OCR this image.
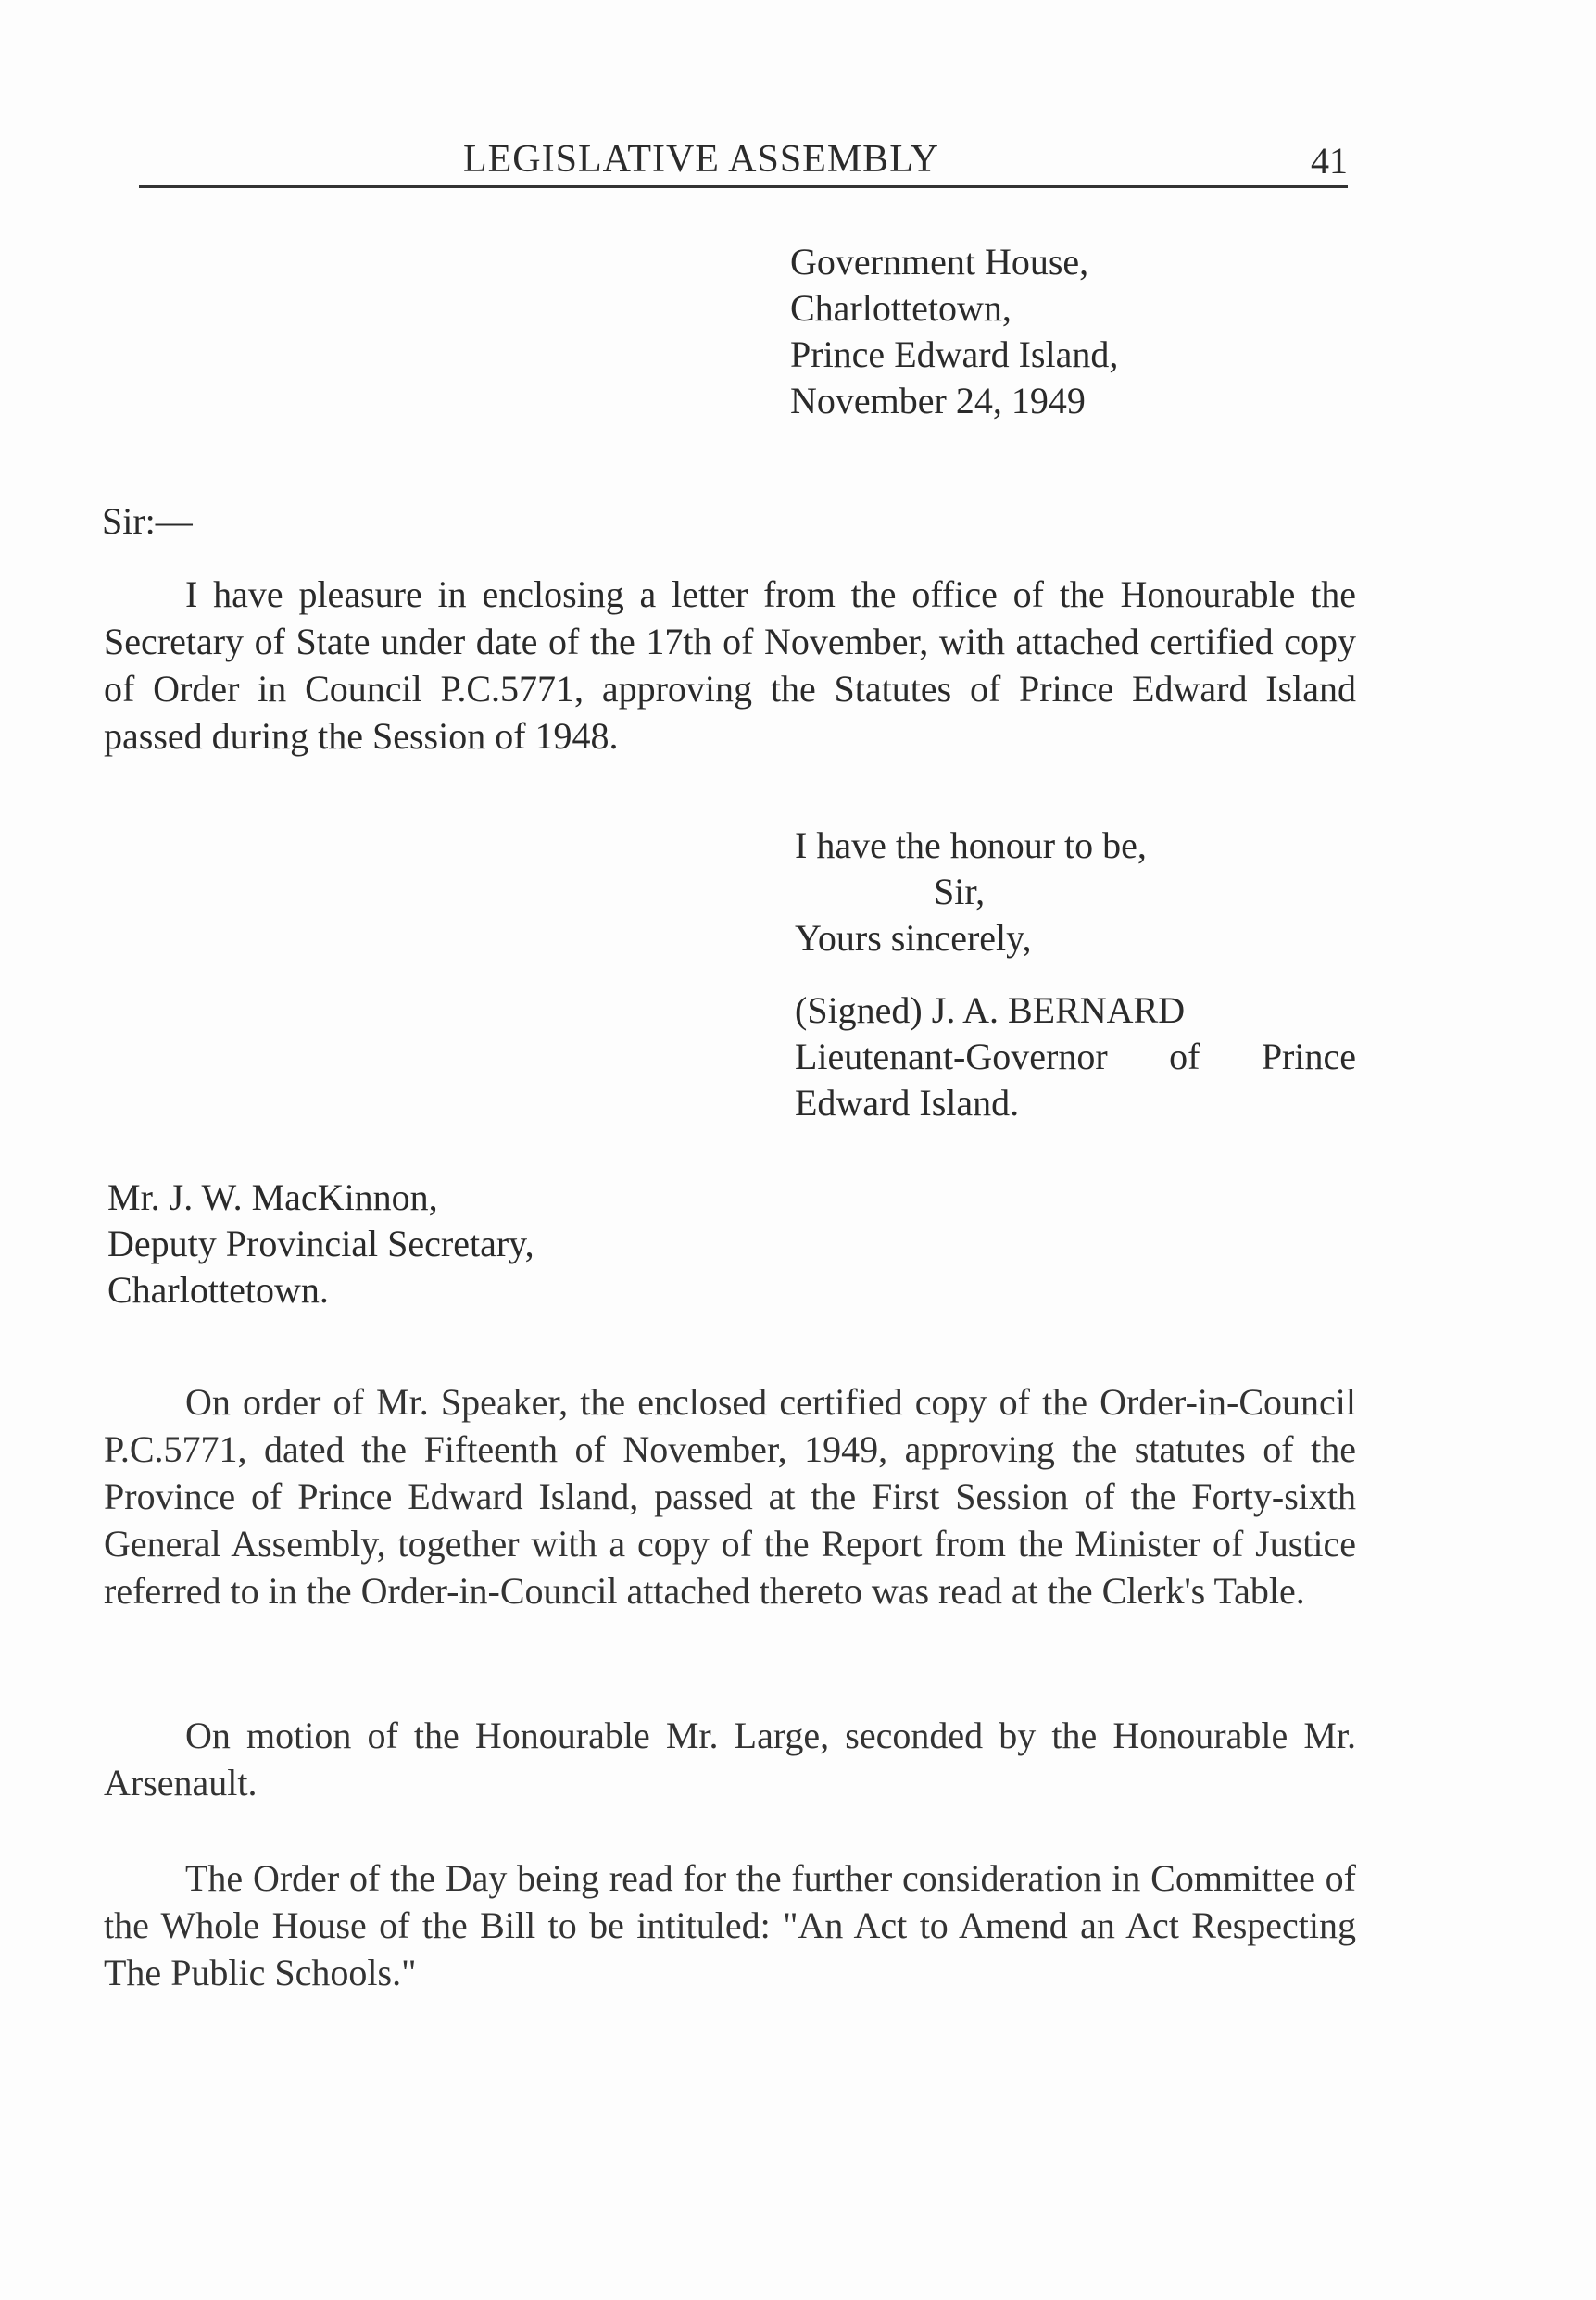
LEGISLATIVE ASSEMBLY	41
Government House,
Charlottetown,
Prince Edward Island,
November 24, 1949
Sir:—

I have pleasure in enclosing a letter from the office of the Honourable the Secretary of State under date of the 17th of November, with attached certified copy of Order in Council P.C.5771, approving the Statutes of Prince Edward Island passed during the Session of 1948.

I have the honour to be,
Sir,
Yours sincerely,
(Signed) J. A. BERNARD
Lieutenant-Governor of Prince
Edward Island.
Mr. J. W. MacKinnon,
Deputy Provincial Secretary,
Charlottetown.

On order of Mr. Speaker, the enclosed certified copy of the Order-in-Council P.C.5771, dated the Fifteenth of November, 1949, approving the statutes of the Province of Prince Edward Island, passed at the First Session of the Forty-sixth General Assembly, together with a copy of the Report from the Minister of Justice referred to in the Order-in-Council attached thereto was read at the Clerk's Table.

On motion of the Honourable Mr. Large, seconded by the Honourable Mr. Arsenault.

The Order of the Day being read for the further consideration in Committee of the Whole House of the Bill to be intituled: "An Act to Amend an Act Respecting The Public Schools."
